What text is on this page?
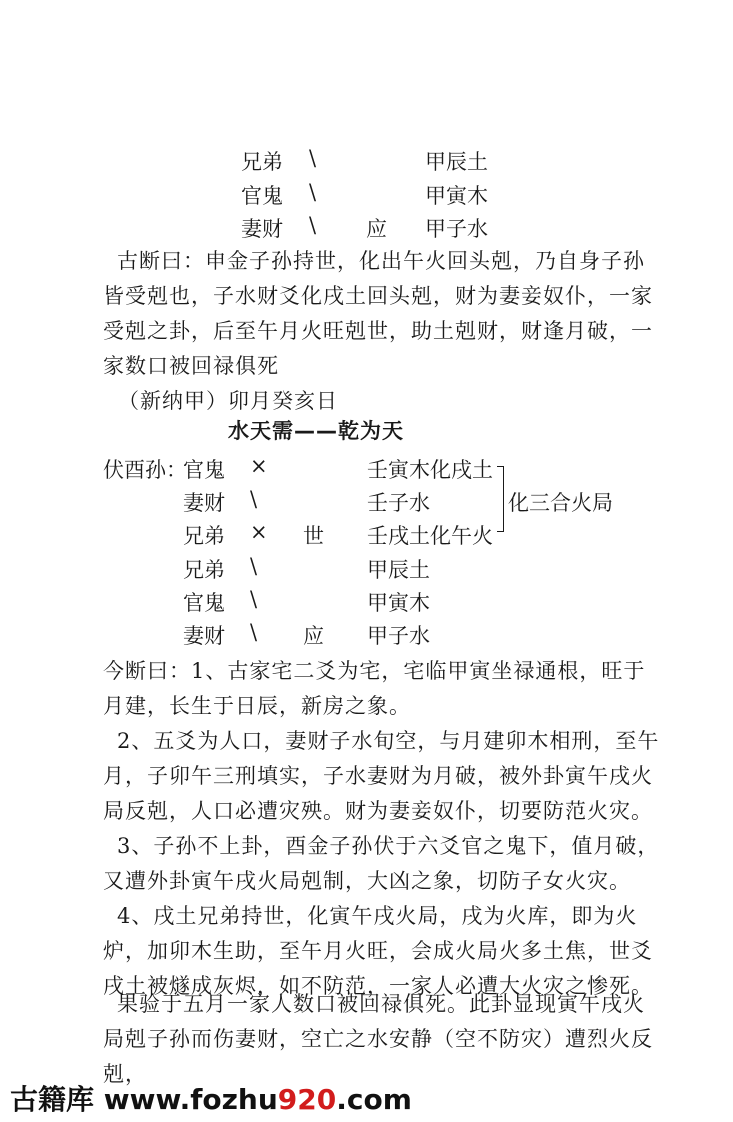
兄弟 \	甲辰土
官鬼 \	甲寅木
妻财 \ 应 甲子水
古断曰：申金子孙持世，化出午火回头剋，乃自身子孙皆受剋也，子水财爻化戌土回头剋，财为妻妾奴仆，一家受剋之卦，后至午月火旺剋世，助土剋财，财逢月破，一家数口被回禄俱死
（新纳甲）卯月癸亥日
水天需——乾为天
伏酉孙：
官鬼 ×	壬寅木化戌土
妻财 \	壬子水
兄弟 × 世 壬戌土化午火
兄弟 \	甲辰土
官鬼 \	甲寅木
妻财 \ 应 甲子水
化三合火局
今断曰：1、古家宅二爻为宅，宅临甲寅坐禄通根，旺于月建，长生于日辰，新房之象。
2、五爻为人口，妻财子水旬空，与月建卯木相刑，至午月，子卯午三刑填实，子水妻财为月破，被外卦寅午戌火局反剋，人口必遭灾殃。财为妻妾奴仆，切要防范火灾。
3、子孙不上卦，酉金子孙伏于六爻官之鬼下，值月破，又遭外卦寅午戌火局剋制，大凶之象，切防子女火灾。
4、戌土兄弟持世，化寅午戌火局，戌为火库，即为火炉，加卯木生助，至午月火旺，会成火局火多土焦，世爻戌土被燧成灰烬，如不防范，一家人必遭大火灾之惨死。
果验于五月一家人数口被回禄俱死。此卦显现寅午戌火局剋子孙而伤妻财，空亡之水安静（空不防灾）遭烈火反剋，
古籍库 www.fozhu920.com
